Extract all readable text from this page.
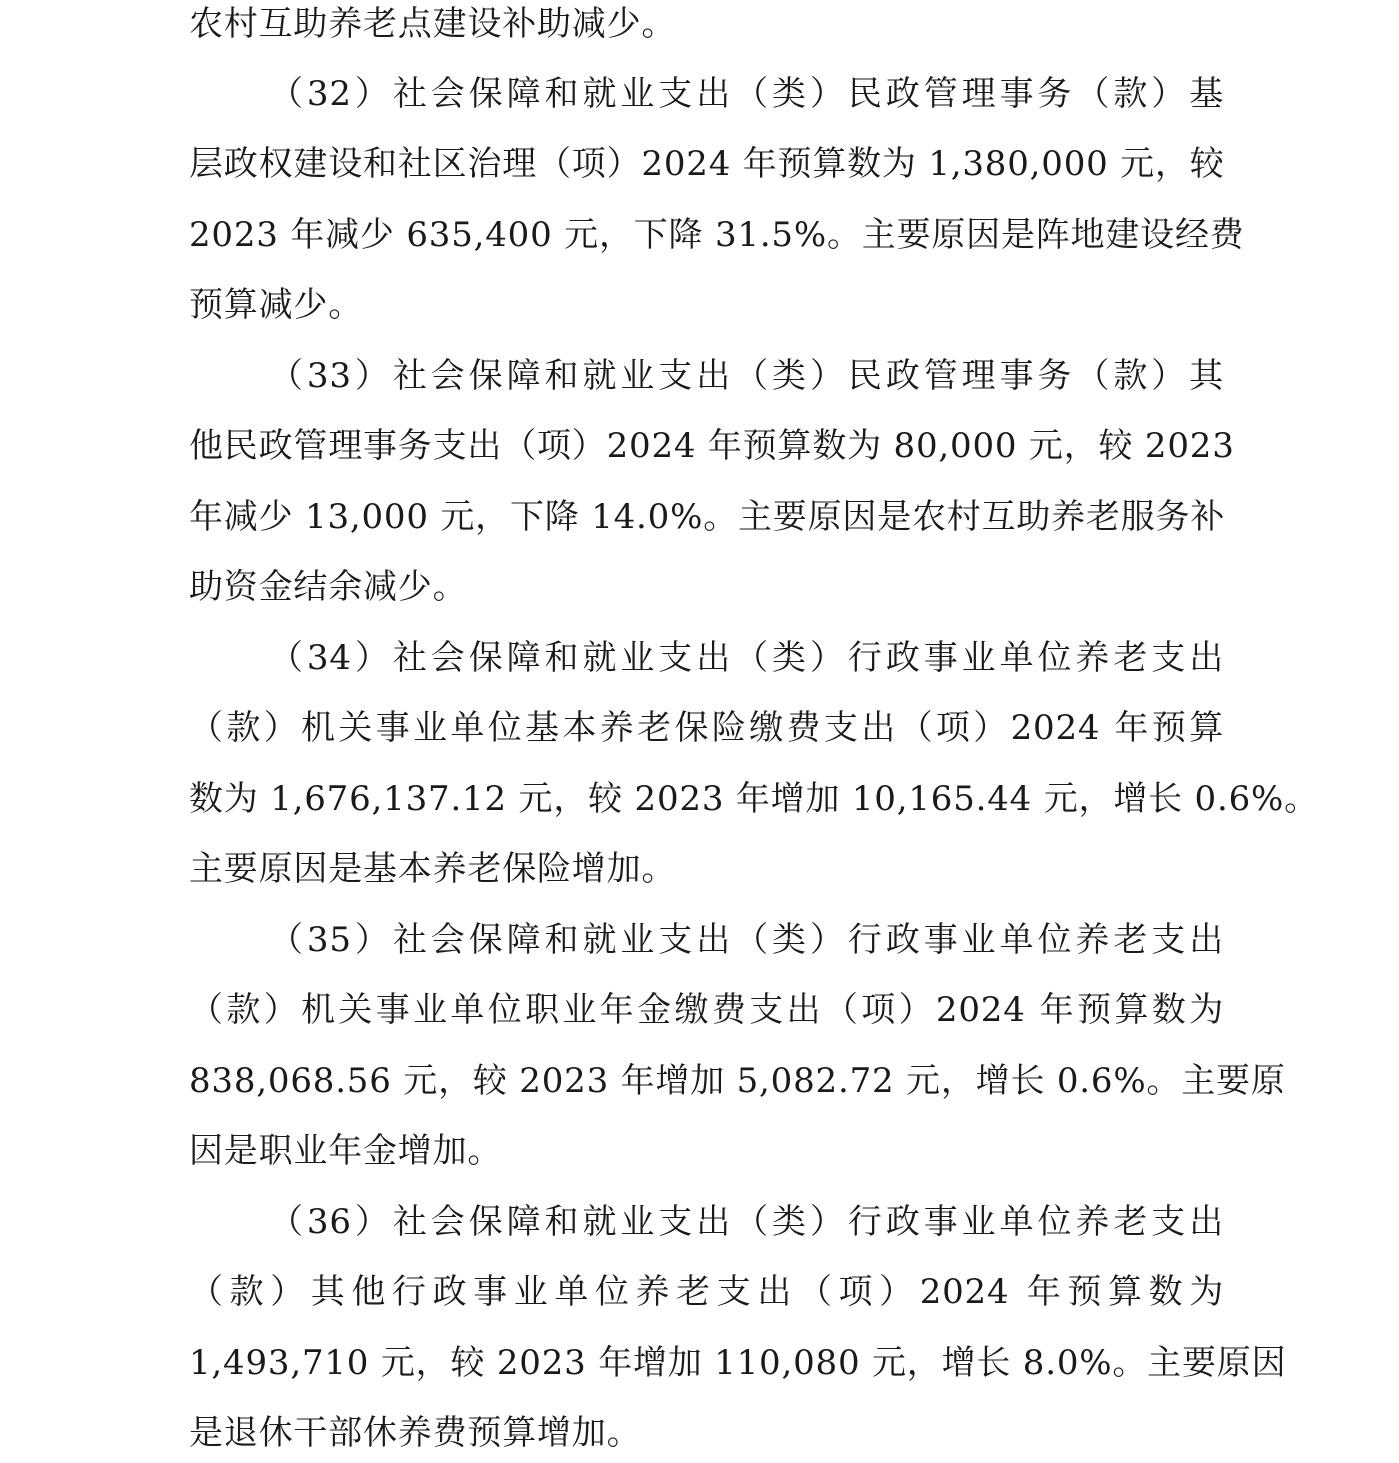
农村互助养老点建设补助减少。
（32）社会保障和就业支出（类）民政管理事务（款）基
层政权建设和社区治理（项）2024 年预算数为 1,380,000 元，较
2023 年减少 635,400 元，下降 31.5%。主要原因是阵地建设经费
预算减少。
（33）社会保障和就业支出（类）民政管理事务（款）其
他民政管理事务支出（项）2024 年预算数为 80,000 元，较 2023
年减少 13,000 元，下降 14.0%。主要原因是农村互助养老服务补
助资金结余减少。
（34）社会保障和就业支出（类）行政事业单位养老支出
（款）机关事业单位基本养老保险缴费支出（项）2024 年预算
数为 1,676,137.12 元，较 2023 年增加 10,165.44 元，增长 0.6%。
主要原因是基本养老保险增加。
（35）社会保障和就业支出（类）行政事业单位养老支出
（款）机关事业单位职业年金缴费支出（项）2024 年预算数为
838,068.56 元，较 2023 年增加 5,082.72 元，增长 0.6%。主要原
因是职业年金增加。
（36）社会保障和就业支出（类）行政事业单位养老支出
（款）其他行政事业单位养老支出（项）2024 年预算数为
1,493,710 元，较 2023 年增加 110,080 元，增长 8.0%。主要原因
是退休干部休养费预算增加。
